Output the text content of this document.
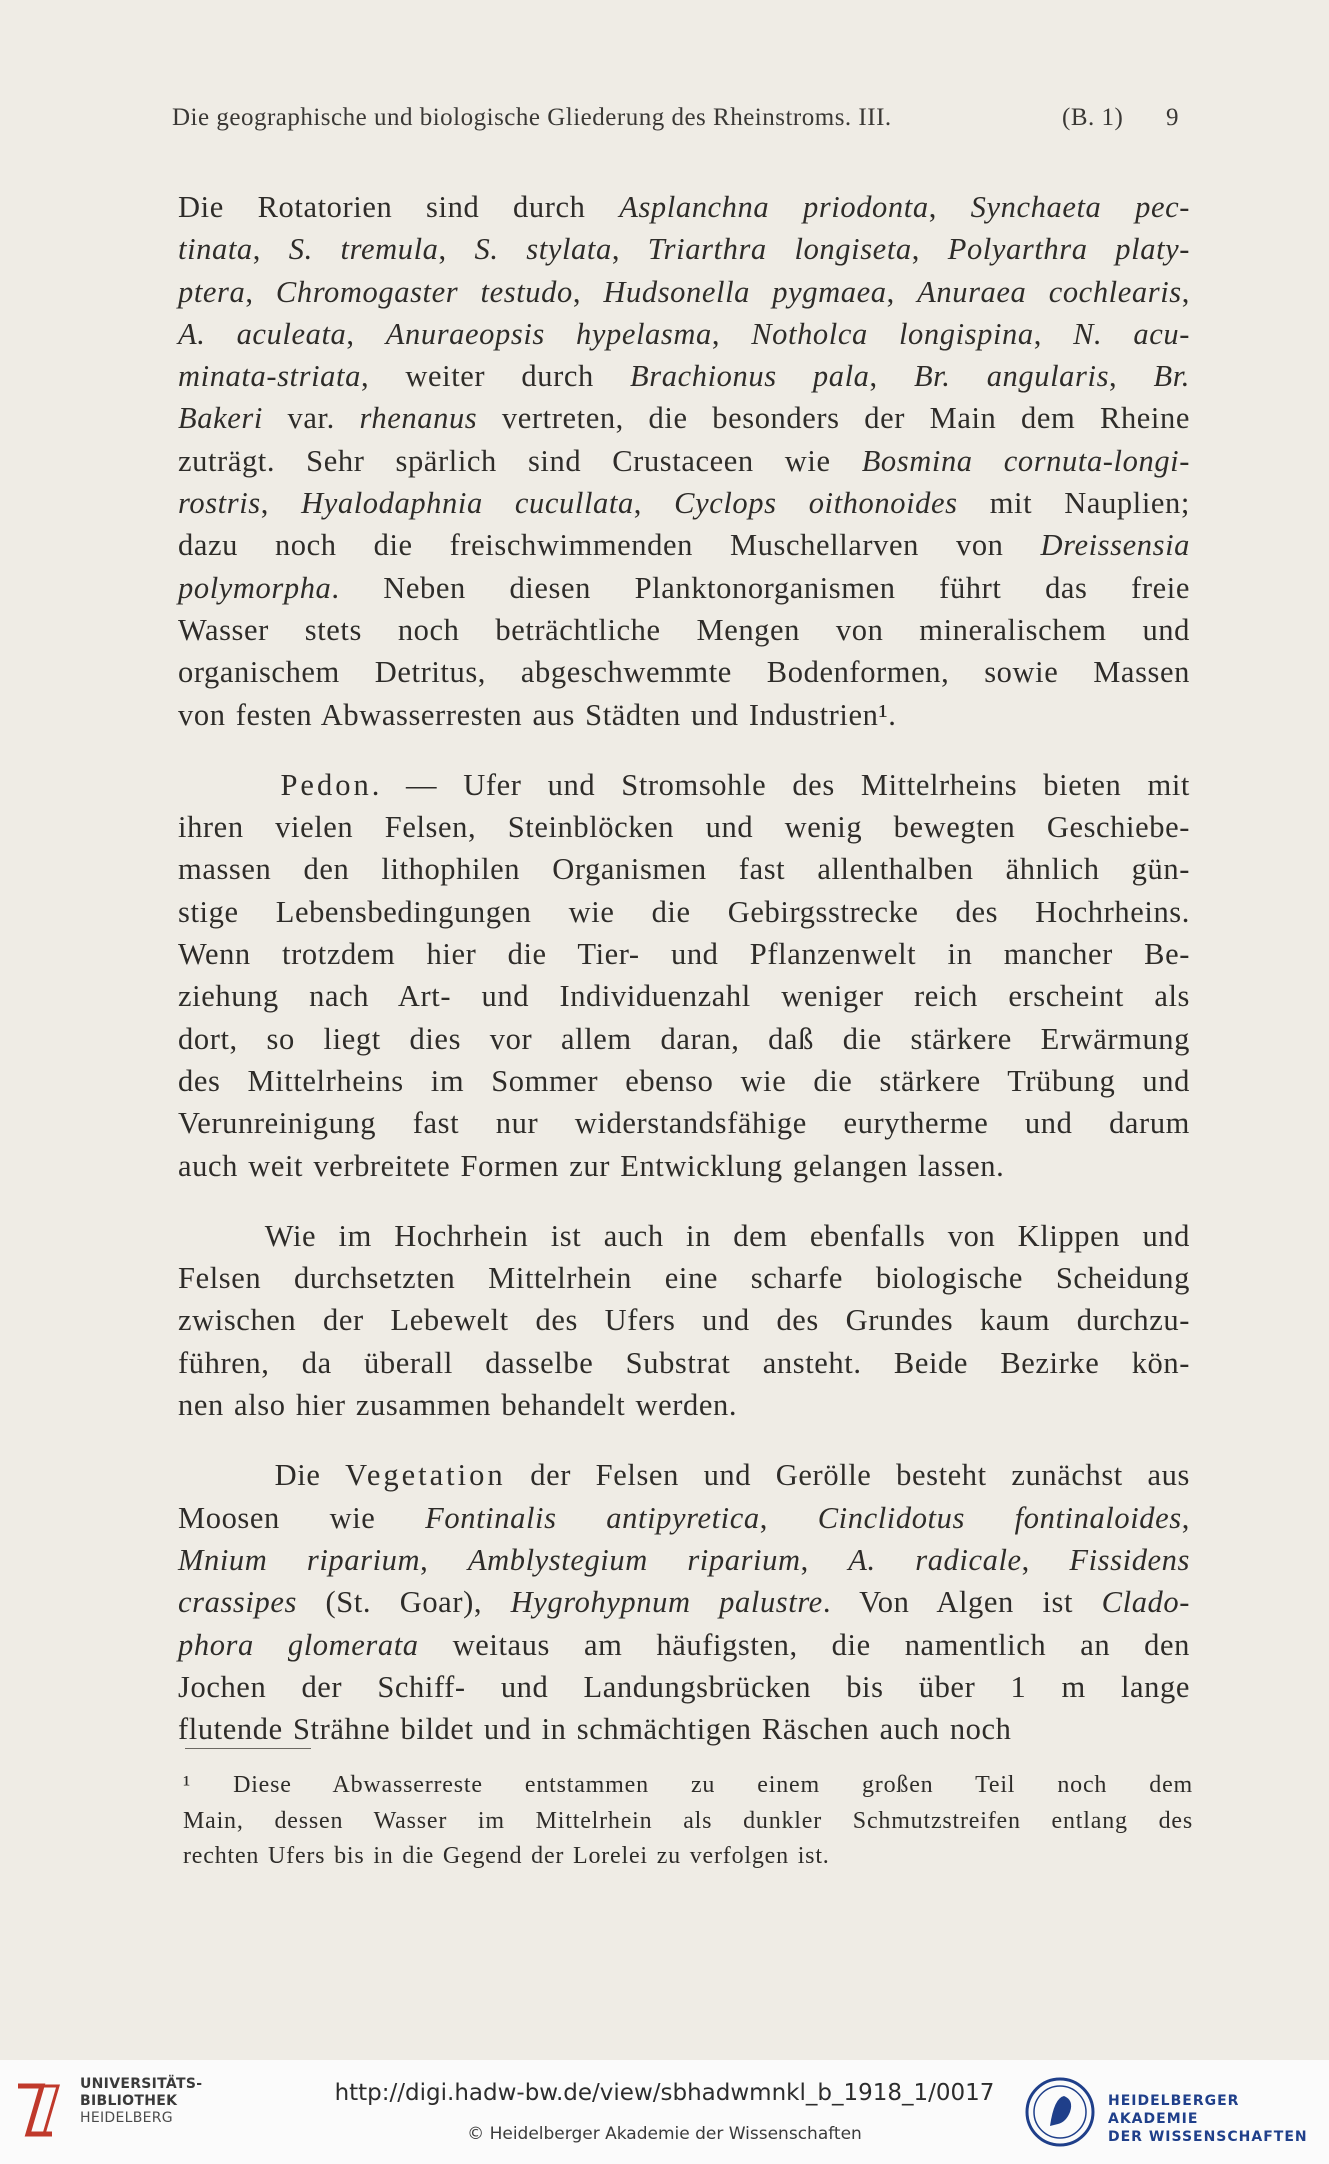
Die geographische und biologische Gliederung des Rheinstroms. III.	(B. 1) 9
Die Rotatorien sind durch Asplanchna priodonta, Synchaeta pec-
tinata, S. tremula, S. stylata, Triarthra longiseta, Polyarthra platy-
ptera, Chromogaster testudo, Hudsonella pygmaea, Anuraea cochlearis,
A. aculeata, Anuraeopsis hypelasma, Notholca longispina, N. acu-
minata-striata, weiter durch Brachionus pala, Br. angularis, Br.
Bakeri var. rhenanus vertreten, die besonders der Main dem Rheine
zuträgt. Sehr spärlich sind Crustaceen wie Bosmina cornuta-longi-
rostris, Hyalodaphnia cucullata, Cyclops oithonoides mit Nauplien;
dazu noch die freischwimmenden Muschellarven von Dreissensia
polymorpha. Neben diesen Planktonorganismen führt das freie
Wasser stets noch beträchtliche Mengen von mineralischem und
organischem Detritus, abgeschwemmte Bodenformen, sowie Massen
von festen Abwasserresten aus Städten und Industrien¹.
Pedon. — Ufer und Stromsohle des Mittelrheins bieten mit
ihren vielen Felsen, Steinblöcken und wenig bewegten Geschiebe-
massen den lithophilen Organismen fast allenthalben ähnlich gün-
stige Lebensbedingungen wie die Gebirgsstrecke des Hochrheins.
Wenn trotzdem hier die Tier- und Pflanzenwelt in mancher Be-
ziehung nach Art- und Individuenzahl weniger reich erscheint als
dort, so liegt dies vor allem daran, daß die stärkere Erwärmung
des Mittelrheins im Sommer ebenso wie die stärkere Trübung und
Verunreinigung fast nur widerstandsfähige eurytherme und darum
auch weit verbreitete Formen zur Entwicklung gelangen lassen.
Wie im Hochrhein ist auch in dem ebenfalls von Klippen und
Felsen durchsetzten Mittelrhein eine scharfe biologische Scheidung
zwischen der Lebewelt des Ufers und des Grundes kaum durchzu-
führen, da überall dasselbe Substrat ansteht. Beide Bezirke kön-
nen also hier zusammen behandelt werden.
Die Vegetation der Felsen und Gerölle besteht zunächst aus
Moosen wie Fontinalis antipyretica, Cinclidotus fontinaloides,
Mnium riparium, Amblystegium riparium, A. radicale, Fissidens
crassipes (St. Goar), Hygrohypnum palustre. Von Algen ist Clado-
phora glomerata weitaus am häufigsten, die namentlich an den
Jochen der Schiff- und Landungsbrücken bis über 1 m lange
flutende Strähne bildet und in schmächtigen Räschen auch noch
¹ Diese Abwasserreste entstammen zu einem großen Teil noch dem
Main, dessen Wasser im Mittelrhein als dunkler Schmutzstreifen entlang des
rechten Ufers bis in die Gegend der Lorelei zu verfolgen ist.
UNIVERSITÄTS-
BIBLIOTHEK
HEIDELBERG
http://digi.hadw-bw.de/view/sbhadwmnkl_b_1918_1/0017
© Heidelberger Akademie der Wissenschaften
HEIDELBERGER AKADEMIE
DER WISSENSCHAFTEN
